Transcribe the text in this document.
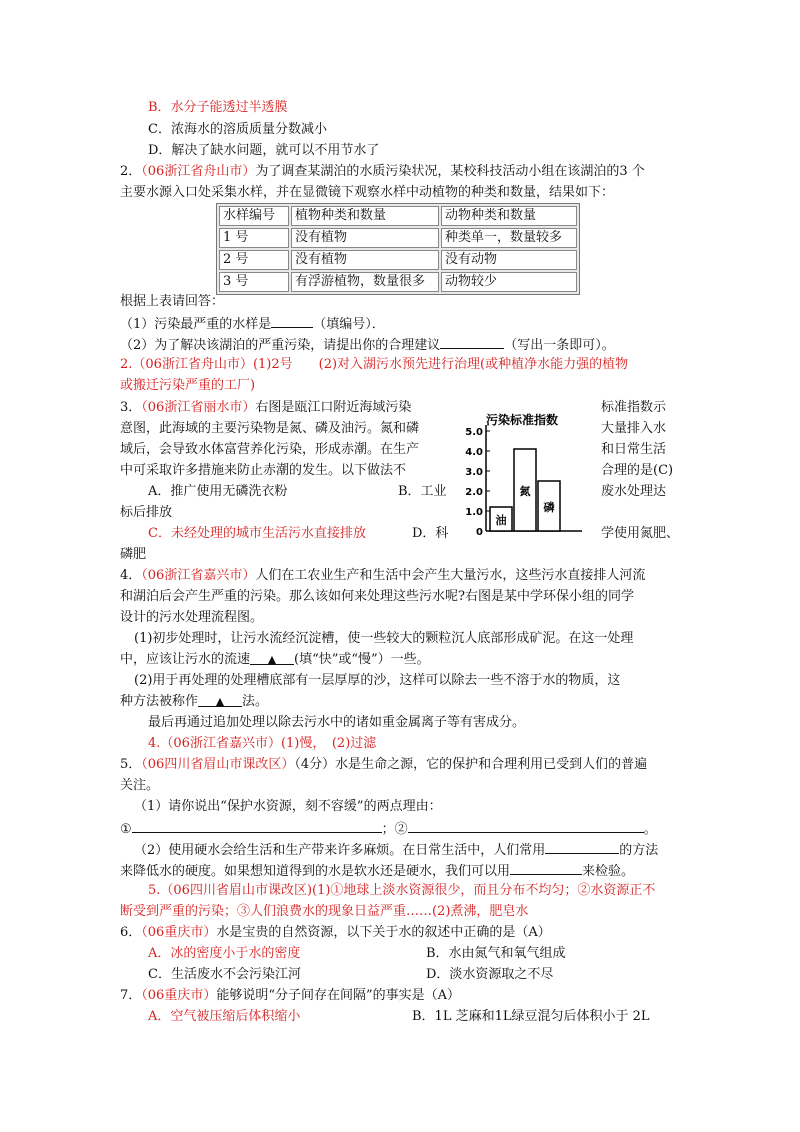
B．水分子能透过半透膜
C．浓海水的溶质质量分数减小
D．解决了缺水问题，就可以不用节水了
2．（06浙江省舟山市）为了调查某湖泊的水质污染状况，某校科技活动小组在该湖泊的3 个
主要水源入口处采集水样，并在显微镜下观察水样中动植物的种类和数量，结果如下：
水样编号	植物种类和数量	动物种类和数量
1 号	没有植物	种类单一，数量较多
2 号	没有植物	没有动物
3 号	有浮游植物，数量很多	动物较少
根据上表请回答：
（1）污染最严重的水样是	（填编号）．
（2）为了解决该湖泊的严重污染，请提出你的合理建议	（写出一条即可）。
2.（06浙江省舟山市）(1)2号　　(2)对入湖污水预先进行治理(或种植净水能力强的植物
或搬迁污染严重的工厂)
3．（06浙江省丽水市）右图是瓯江口附近海域污染
意图，此海域的主要污染物是氮、磷及油污。氮和磷
域后，会导致水体富营养化污染，形成赤潮。在生产
中可采取许多措施来防止赤潮的发生。以下做法不
标准指数示
大量排入水
和日常生活
合理的是(C)
A．推广使用无磷洗衣粉	B．工业	废水处理达
标后排放
C．未经处理的城市生活污水直接排放	D．科	学使用氮肥、
磷肥
污染标准指数
0
1.0
2.0
3.0
4.0
5.0
油
氮
磷
4．（06浙江省嘉兴市）人们在工农业生产和生活中会产生大量污水，这些污水直接排人河流
和湖泊后会产生严重的污染。那么该如何来处理这些污水呢?右图是某中学环保小组的同学
设计的污水处理流程图。
(1)初步处理时，让污水流经沉淀槽，使一些较大的颗粒沉人底部形成矿泥。在这一处理
中，应该让污水的流速 ▲ (填“快”或“慢”）一些。
(2)用于再处理的处理槽底部有一层厚厚的沙，这样可以除去一些不溶于水的物质，这
种方法被称作 ▲ 法。
最后再通过追加处理以除去污水中的诸如重金属离子等有害成分。
4.（06浙江省嘉兴市）(1)慢，　(2)过滤
5．（06四川省眉山市课改区）（4分）水是生命之源，它的保护和合理利用已受到人们的普遍
关注。
（1）请你说出“保护水资源，刻不容缓”的两点理由：
①	；②	。
（2）使用硬水会给生活和生产带来许多麻烦。在日常生活中，人们常用	的方法
来降低水的硬度。如果想知道得到的水是软水还是硬水，我们可以用	来检验。
5.（06四川省眉山市课改区)(1)①地球上淡水资源很少，而且分布不均匀；②水资源正不
断受到严重的污染；③人们浪费水的现象日益严重……(2)煮沸，肥皂水
6．（06重庆市）水是宝贵的自然资源，以下关于水的叙述中正确的是（A）
A．冰的密度小于水的密度	B．水由氮气和氧气组成
C．生活废水不会污染江河	D．淡水资源取之不尽
7．（06重庆市）能够说明“分子间存在间隔”的事实是（A）
A．空气被压缩后体积缩小	B．1L 芝麻和1L绿豆混匀后体积小于 2L
